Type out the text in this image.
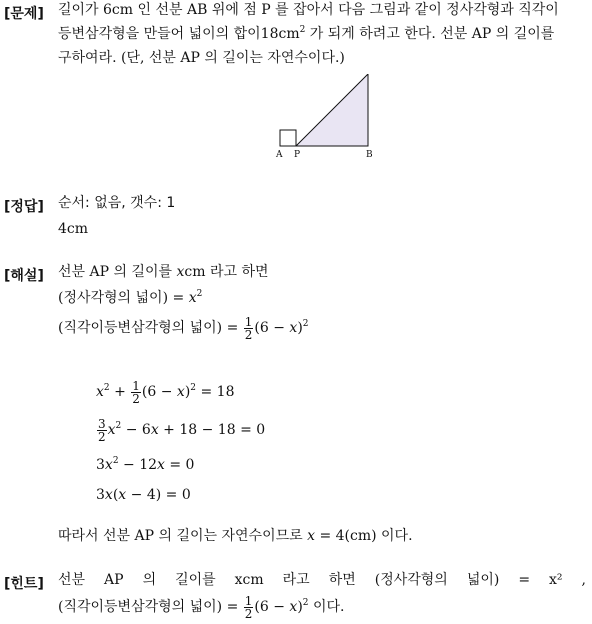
[문제] 길이가 6cm 인 선분 AB 위에 점 P 를 잡아서 다음 그림과 같이 정사각형과 직각이
등변삼각형을 만들어 넓이의 합이$18cm^2$ 가 되게 하려고 한다. 선분 AP 의 길이를
구하여라. (단, 선분 AP 의 길이는 자연수이다.)
A P	B
[정답] 순서: 없음, 갯수: 1
4cm
[해설] 선분 AP 의 길이를 xcm 라고 하면
(정사각형의 넓이) = $x^2$
(직각이등변삼각형의 넓이) = $\frac{1}{2} (6 - x)^2$
$x^2 + \frac{1}{2} (6 - x)^2 = 18$
$\frac{3}{2} x^2 - 6x + 18 - 18 = 0$
$3x^2 - 12x = 0$
3x(x − 4) = 0
따라서 선분 AP 의 길이는 자연수이므로 x = 4(cm) 이다.
[힌트] 선분 AP 의 길이를 xcm 라고 하면 (정사각형의 넓이) = x² ,
(직각이등변삼각형의 넓이) = $\frac{1}{2} (6 - x)^2$ 이다.
